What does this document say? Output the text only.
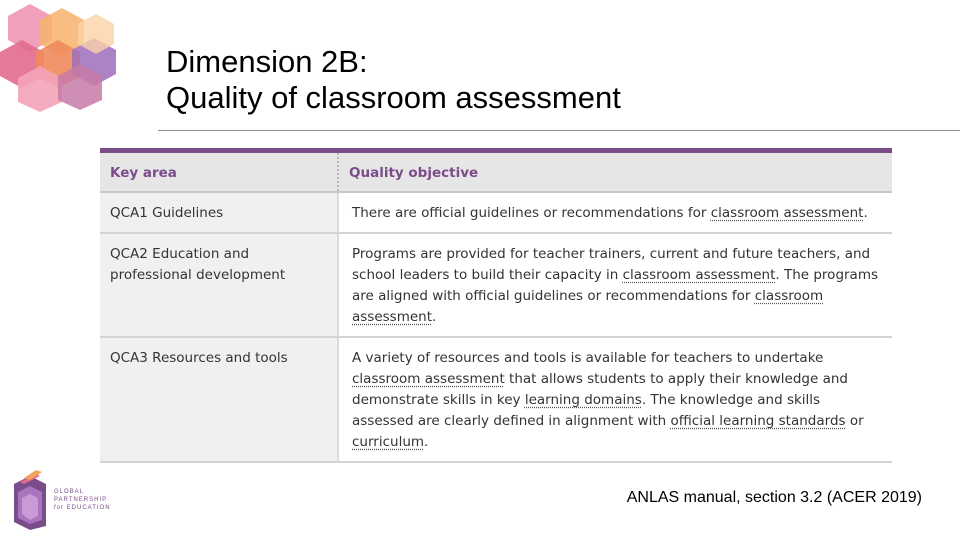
Dimension 2B:
Quality of classroom assessment
Key area	Quality objective
QCA1 Guidelines	There are official guidelines or recommendations for classroom assessment.
QCA2 Education and professional development	Programs are provided for teacher trainers, current and future teachers, and school leaders to build their capacity in classroom assessment. The programs are aligned with official guidelines or recommendations for classroom assessment.
QCA3 Resources and tools	A variety of resources and tools is available for teachers to undertake classroom assessment that allows students to apply their knowledge and demonstrate skills in key learning domains. The knowledge and skills assessed are clearly defined in alignment with official learning standards or curriculum.
GLOBAL
PARTNERSHIP
for EDUCATION

ANLAS manual, section 3.2 (ACER 2019)
